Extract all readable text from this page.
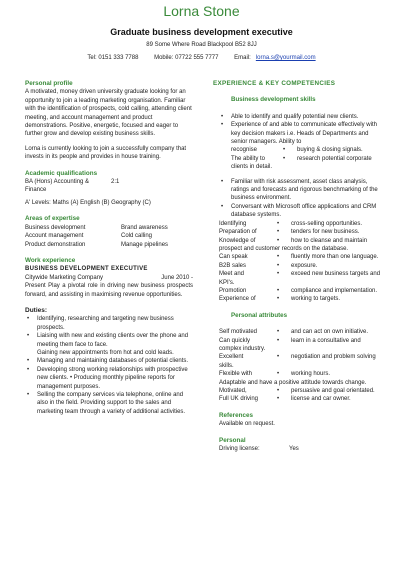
Lorna Stone
Graduate business development executive
89 Some Where Road Blackpool B52 8JJ
Tel: 0151 333 7788	Mobile: 07722 555 7777	Email: lorna.s@yourmail.com
Personal profile

A motivated, money driven university graduate looking for an opportunity to join a leading marketing organisation. Familiar with the identification of prospects, cold calling, attending client meeting, and account management and product demonstrations. Positive, energetic, focused and eager to further grow and develop existing business skills.

Lorna is currently looking to join a successfully company that invests in its people and provides in house training.

Academic qualifications
BA (Hons) Accounting & Finance
2:1

A' Levels: Maths (A) English (B) Geography (C)

Areas of expertise
Business development	Brand awareness
Account management	Cold calling
Product demonstration	Manage pipelines
Work experience
BUSINESS DEVELOPMENT EXECUTIVE
Citywide Marketing Company	June 2010 -

Present Play a pivotal role in driving new business prospects forward, and assisting in maximising revenue opportunities.

Duties:
• Identifying, researching and targeting new business prospects.
• Liaising with new and existing clients over the phone and meeting them face to face.
Gaining new appointments from hot and cold leads.
• Managing and maintaining databases of potential clients.
• Developing strong working relationships with prospective new clients. • Producing monthly pipeline reports for management purposes.
• Selling the company services via telephone, online and also in the field. Providing support to the sales and marketing team through a variety of additional activities.
EXPERIENCE & KEY COMPETENCIES
Business development skills
• Able to identify and qualify potential new clients.
• Experience of and able to communicate effectively with key decision makers i.e. Heads of Departments and senior managers. Ability to
recognise •	buying & closing signals.
The ability to •	research potential corporate
clients in detail.
• Familiar with risk assessment, asset class analysis, ratings and forecasts and rigorous benchmarking of the business environment.
• Conversant with Microsoft office applications and CRM database systems.
Identifying •	cross-selling opportunities.
Preparation of •	tenders for new business.
Knowledge of •	how to cleanse and maintain
prospect and customer records on the database.
Can speak •	fluently more than one language.
B2B sales •	exposure.
Meet and •	exceed new business targets and
KPI's.
Promotion •	compliance and implementation.
Experience of •	working to targets.
Personal attributes
Self motivated •	and can act on own initiative.
Can quickly •	learn in a consultative and
complex industry.
Excellent •	negotiation and problem solving
skills.
Flexible with •	working hours.
Adaptable and have a positive attitude towards change.
Motivated, •	persuasive and goal orientated.
Full UK driving •	license and car owner.
References
Available on request.
Personal
Driving license:	Yes
